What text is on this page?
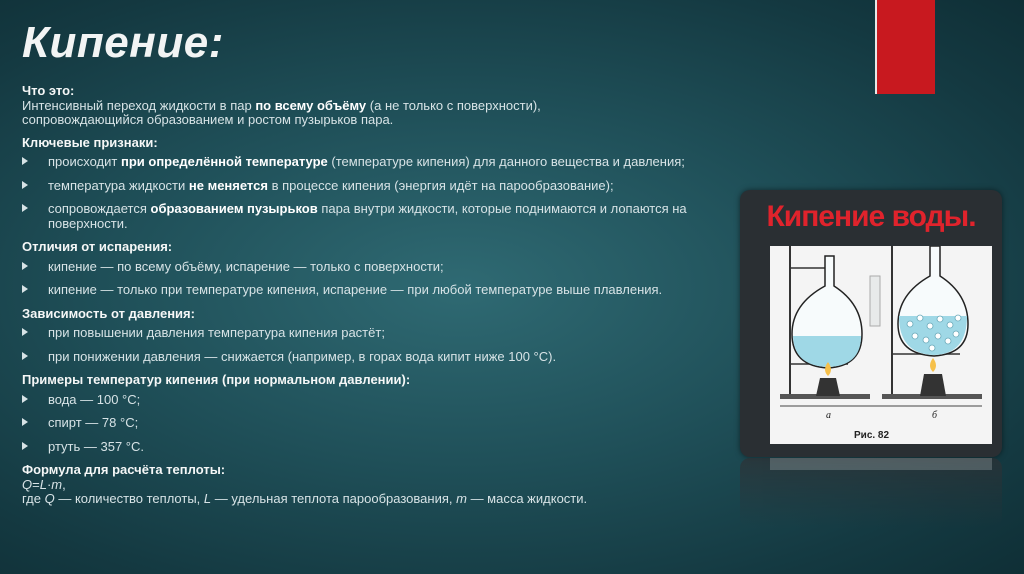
Кипение:
Что это:
Интенсивный переход жидкости в пар по всему объёму (а не только с поверхности),
сопровождающийся образованием и ростом пузырьков пара.
Ключевые признаки:
происходит при определённой температуре (температуре кипения) для данного вещества и давления;
температура жидкости не меняется в процессе кипения (энергия идёт на парообразование);
сопровождается образованием пузырьков пара внутри жидкости, которые поднимаются и лопаются на поверхности.
Отличия от испарения:
кипение — по всему объёму, испарение — только с поверхности;
кипение — только при температуре кипения, испарение — при любой температуре выше плавления.
Зависимость от давления:
при повышении давления температура кипения растёт;
при понижении давления — снижается (например, в горах вода кипит ниже 100 °C).
Примеры температур кипения (при нормальном давлении):
вода — 100 °C;
спирт — 78 °C;
ртуть — 357 °C.
Формула для расчёта теплоты:
Q=L·m,
где Q — количество теплоты, L — удельная теплота парообразования, m — масса жидкости.
Кипение воды.
а	б
Рис. 82
